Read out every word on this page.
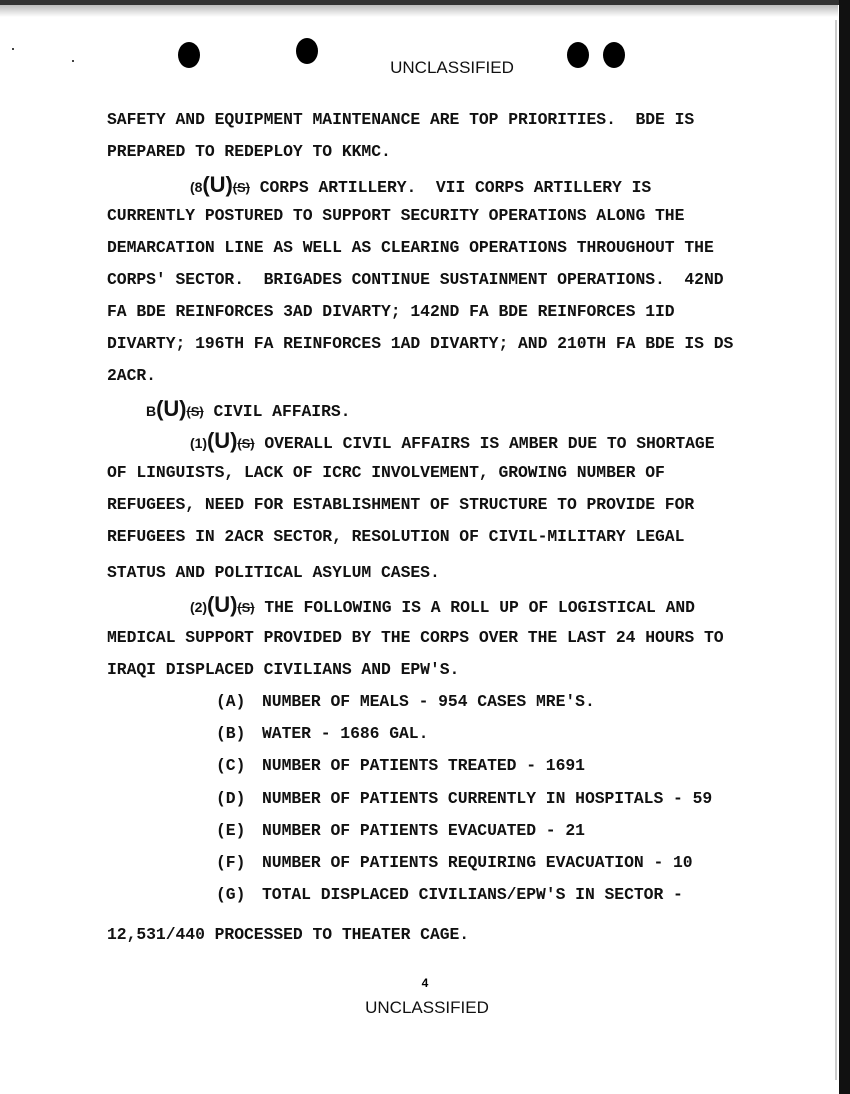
UNCLASSIFIED
SAFETY AND EQUIPMENT MAINTENANCE ARE TOP PRIORITIES.  BDE IS
PREPARED TO REDEPLOY TO KKMC.
(8(U)(S) CORPS ARTILLERY.  VII CORPS ARTILLERY IS
CURRENTLY POSTURED TO SUPPORT SECURITY OPERATIONS ALONG THE
DEMARCATION LINE AS WELL AS CLEARING OPERATIONS THROUGHOUT THE
CORPS' SECTOR.  BRIGADES CONTINUE SUSTAINMENT OPERATIONS.  42ND
FA BDE REINFORCES 3AD DIVARTY; 142ND FA BDE REINFORCES 1ID
DIVARTY; 196TH FA REINFORCES 1AD DIVARTY; AND 210TH FA BDE IS DS
2ACR.
B(U)(S) CIVIL AFFAIRS.
(1)(U)(S) OVERALL CIVIL AFFAIRS IS AMBER DUE TO SHORTAGE
OF LINGUISTS, LACK OF ICRC INVOLVEMENT, GROWING NUMBER OF
REFUGEES, NEED FOR ESTABLISHMENT OF STRUCTURE TO PROVIDE FOR
REFUGEES IN 2ACR SECTOR, RESOLUTION OF CIVIL-MILITARY LEGAL
STATUS AND POLITICAL ASYLUM CASES.
(2)(U)(S) THE FOLLOWING IS A ROLL UP OF LOGISTICAL AND
MEDICAL SUPPORT PROVIDED BY THE CORPS OVER THE LAST 24 HOURS TO
IRAQI DISPLACED CIVILIANS AND EPW'S.
(A) NUMBER OF MEALS - 954 CASES MRE'S.
(B) WATER - 1686 GAL.
(C) NUMBER OF PATIENTS TREATED - 1691
(D) NUMBER OF PATIENTS CURRENTLY IN HOSPITALS - 59
(E) NUMBER OF PATIENTS EVACUATED - 21
(F) NUMBER OF PATIENTS REQUIRING EVACUATION - 10
(G) TOTAL DISPLACED CIVILIANS/EPW'S IN SECTOR -
12,531/440 PROCESSED TO THEATER CAGE.
4
UNCLASSIFIED
